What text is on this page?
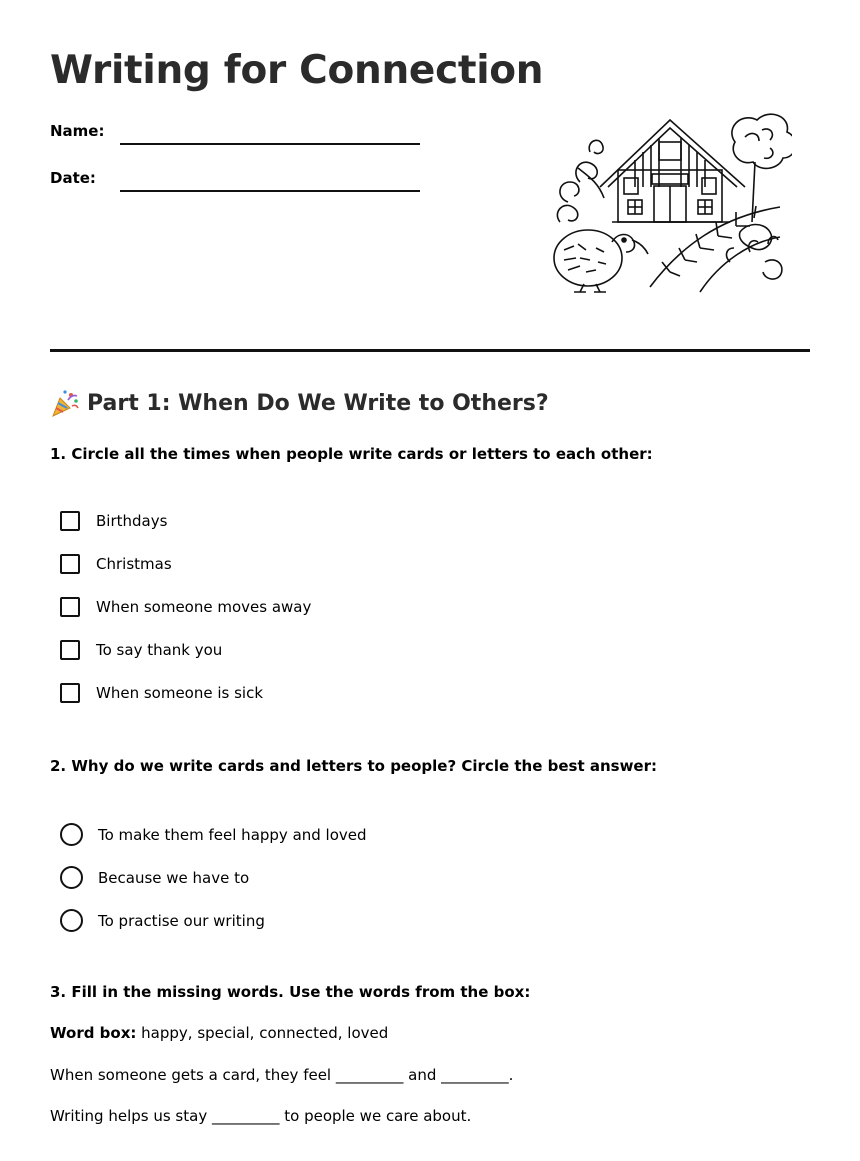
Writing for Connection
Name:
Date:
Part 1: When Do We Write to Others?

1. Circle all the times when people write cards or letters to each other:

Birthdays
Christmas
When someone moves away
To say thank you
When someone is sick

2. Why do we write cards and letters to people? Circle the best answer:

To make them feel happy and loved
Because we have to
To practise our writing

3. Fill in the missing words. Use the words from the box:

Word box: happy, special, connected, loved

When someone gets a card, they feel _________ and _________.

Writing helps us stay _________ to people we care about.
